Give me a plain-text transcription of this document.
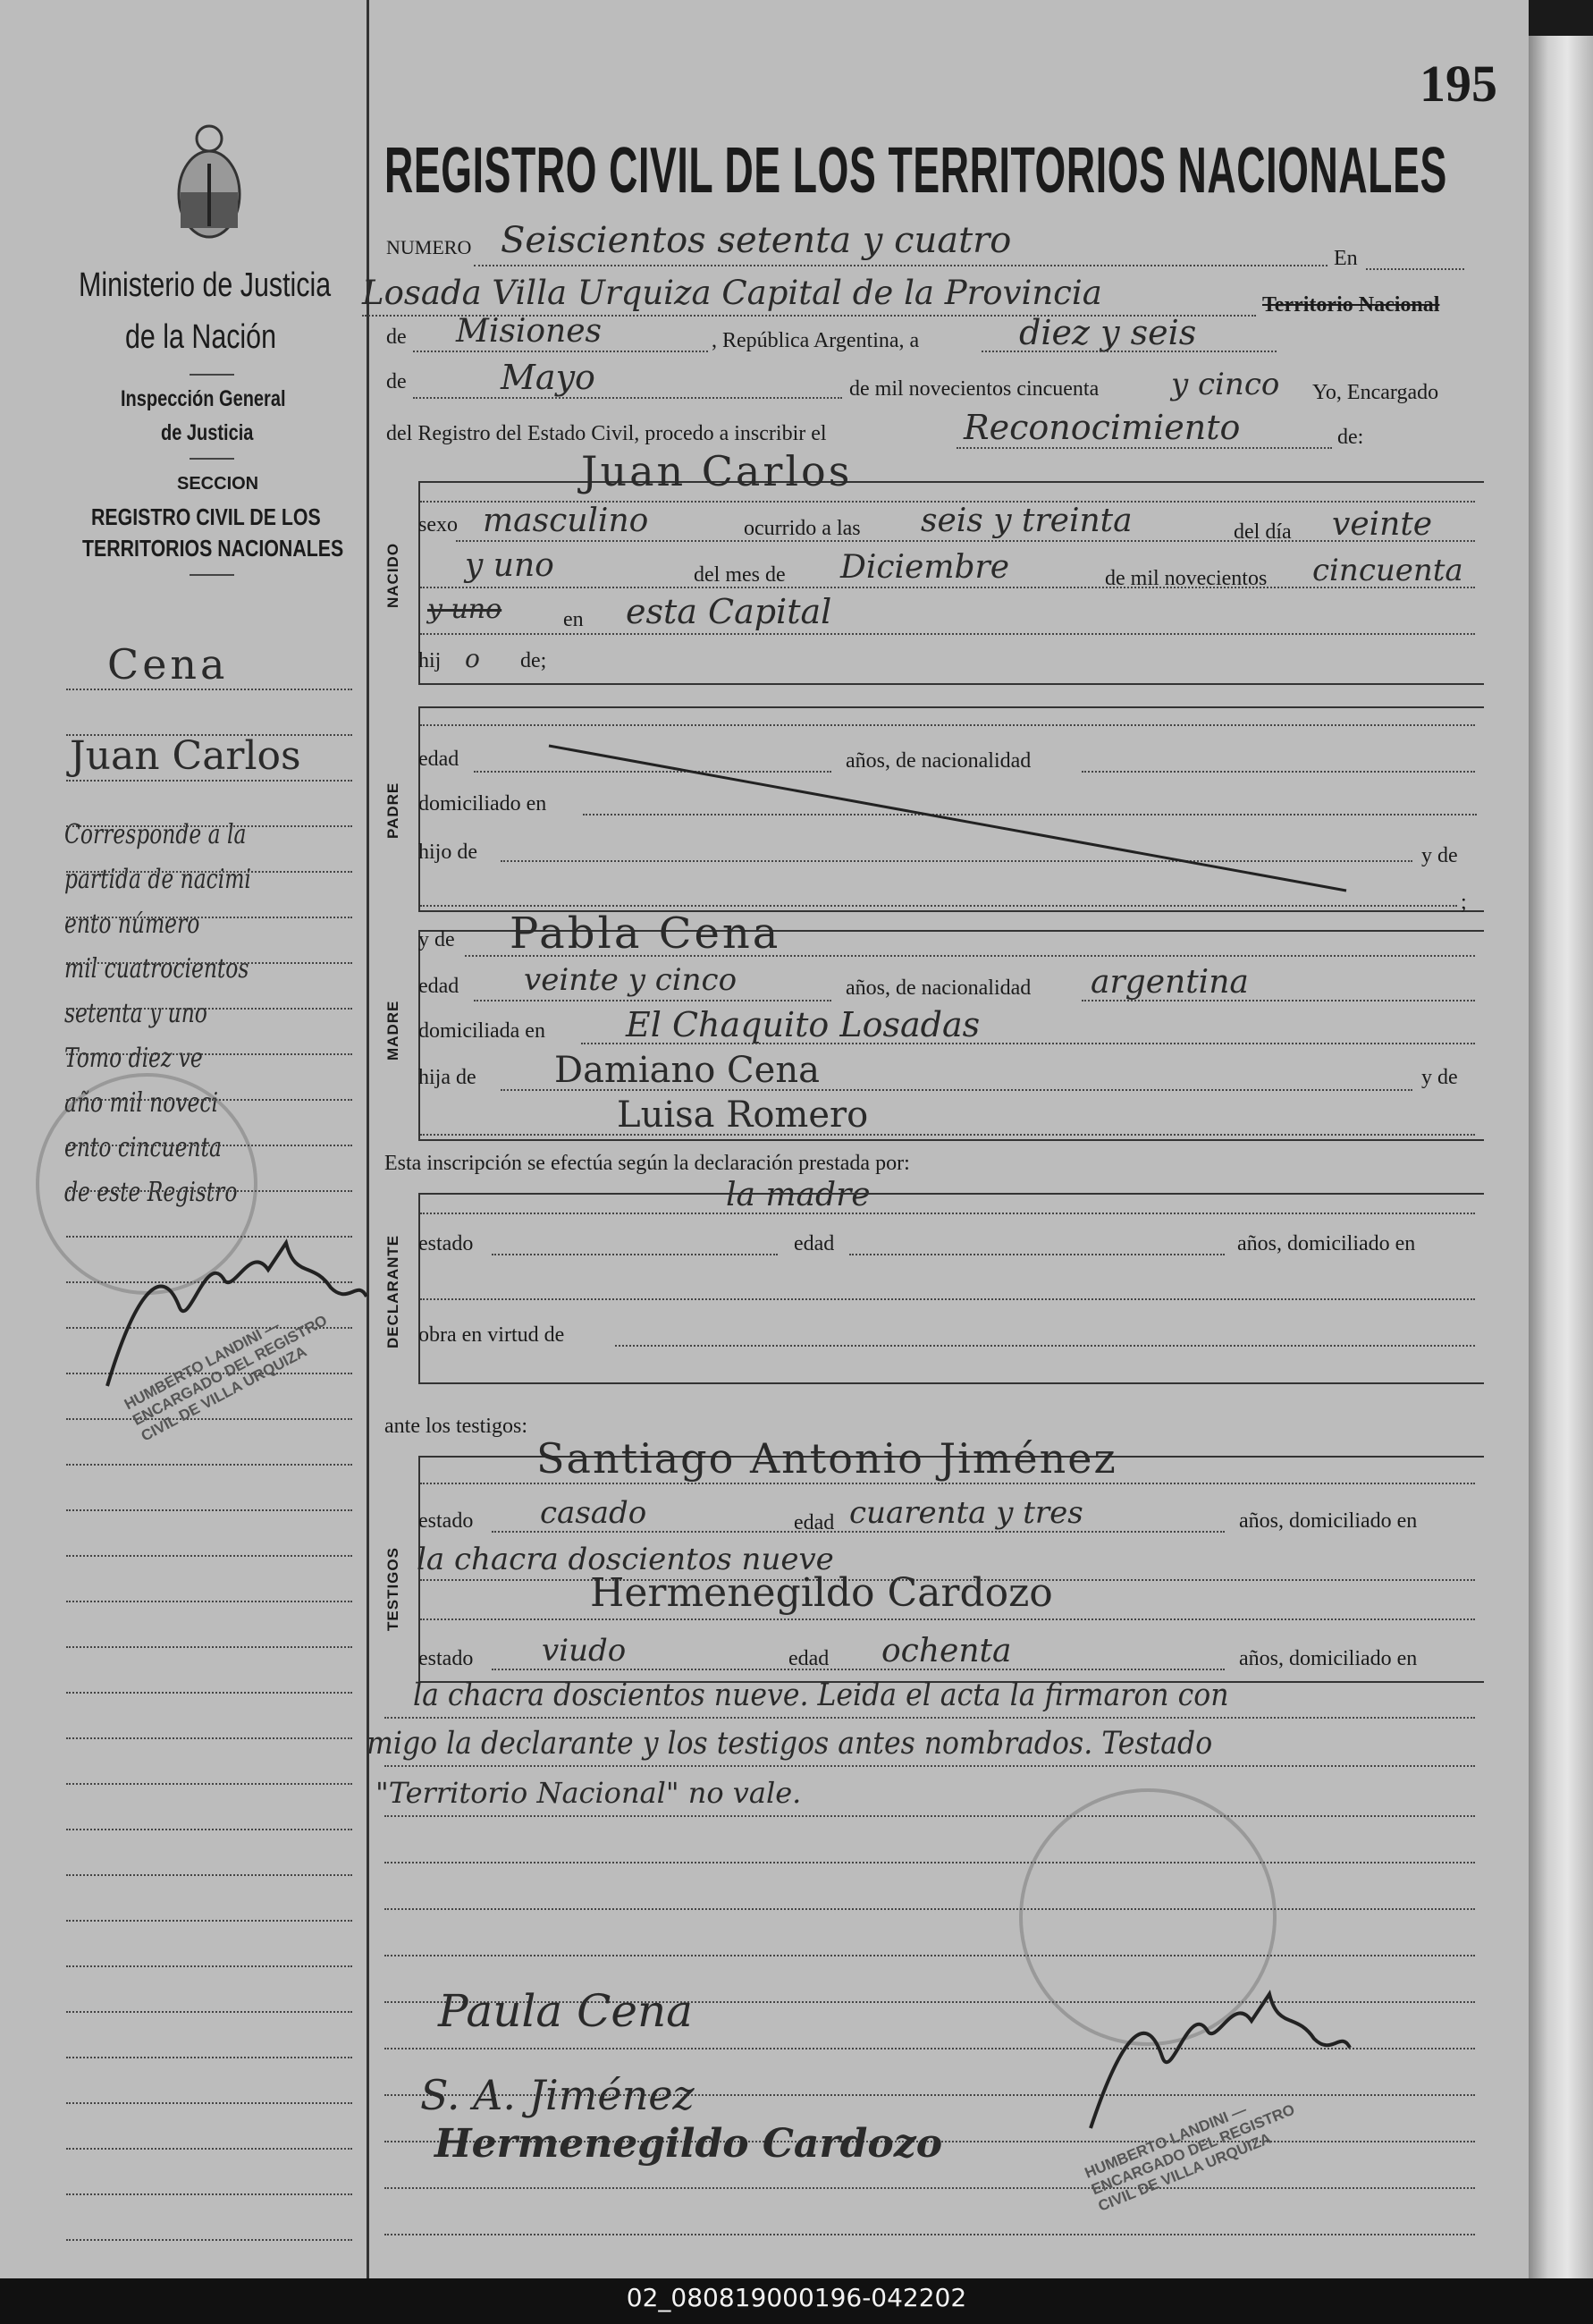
195
Ministerio de Justicia
de la Nación
Inspección General
de Justicia
SECCION
REGISTRO CIVIL DE LOS
TERRITORIOS NACIONALES
Cena
Juan Carlos
Corresponde a la
partida de nacimi
ento número
mil cuatrocientos
setenta y uno
Tomo diez ve
año mil noveci
ento cincuenta
de este Registro
REGISTRO CIVIL DE LOS TERRITORIOS NACIONALES
NUMERO Seiscientos setenta y cuatro	En
Losada Villa Urquiza Capital de la Provincia	Territorio Nacional
de Misiones	, República Argentina, a	diez y seis
de	Mayo	de mil novecientos cincuenta y cinco Yo, Encargado
del Registro del Estado Civil, procedo a inscribir el	Reconocimiento	de:
NACIDO
Juan Carlos
sexo masculino	ocurrido a las seis y treinta	del día veinte
y uno	del mes de Diciembre	de mil novecientos cincuenta
y uno	en esta Capital
hij o de;
PADRE
edad	años, de nacionalidad
domiciliado en
hijo de	y de
;
MADRE
y de Pabla Cena
edad veinte y cinco	años, de nacionalidad argentina
domiciliada en El Chaquito Losadas
hija de Damiano Cena	y de
Luisa Romero
Esta inscripción se efectúa según la declaración prestada por:
la madre
DECLARANTE estado	edad	años, domiciliado en
obra en virtud de
ante los testigos:
TESTIGOS
Santiago Antonio Jiménez
estado casado	edad cuarenta y tres	años, domiciliado en
la chacra doscientos nueve
Hermenegildo Cardozo
estado viudo	edad ochenta	años, domiciliado en
la chacra doscientos nueve. Leida el acta la firmaron con
migo la declarante y los testigos antes nombrados. Testado
"Territorio Nacional" no vale.
Paula Cena
S. A. Jiménez
Hermenegildo Cardozo
HUMBERTO LANDINI — ENCARGADO DEL REGISTRO CIVIL DE VILLA URQUIZA
HUMBERTO LANDINI — ENCARGADO DEL REGISTRO CIVIL DE VILLA URQUIZA
02_080819000196-042202
